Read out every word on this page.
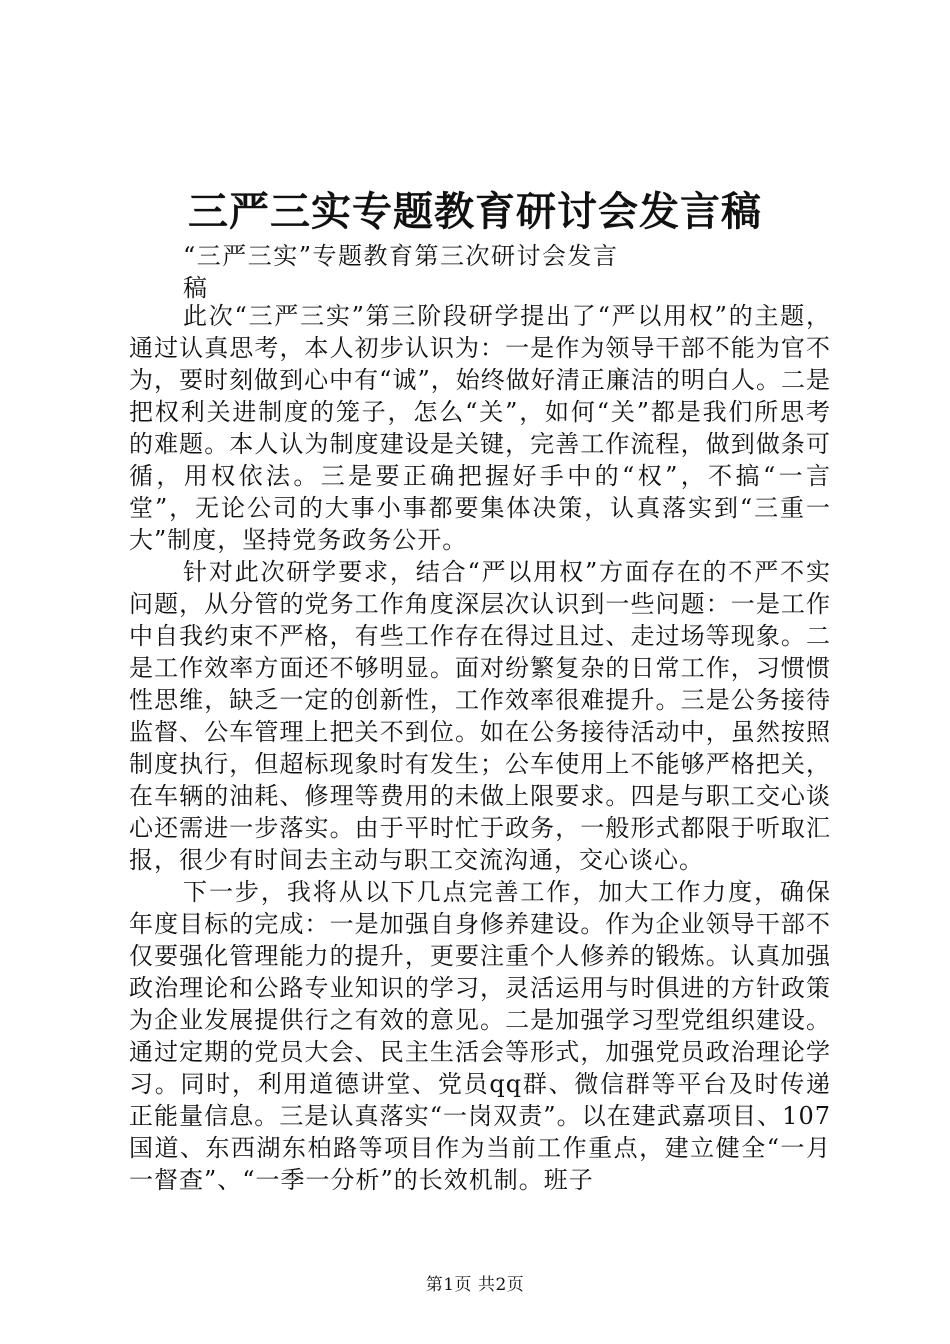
三严三实专题教育研讨会发言稿
“三严三实”专题教育第三次研讨会发言稿

此次“三严三实”第三阶段研学提出了“严以用权”的主题，通过认真思考，本人初步认识为：一是作为领导干部不能为官不为，要时刻做到心中有“诚”，始终做好清正廉洁的明白人。二是把权利关进制度的笼子，怎么“关”，如何“关”都是我们所思考的难题。本人认为制度建设是关键，完善工作流程，做到做条可循，用权依法。三是要正确把握好手中的“权”，不搞“一言堂”，无论公司的大事小事都要集体决策，认真落实到“三重一大”制度，坚持党务政务公开。

针对此次研学要求，结合“严以用权”方面存在的不严不实问题，从分管的党务工作角度深层次认识到一些问题：一是工作中自我约束不严格，有些工作存在得过且过、走过场等现象。二是工作效率方面还不够明显。面对纷繁复杂的日常工作，习惯惯性思维，缺乏一定的创新性，工作效率很难提升。三是公务接待监督、公车管理上把关不到位。如在公务接待活动中，虽然按照制度执行，但超标现象时有发生；公车使用上不能够严格把关，在车辆的油耗、修理等费用的未做上限要求。四是与职工交心谈心还需进一步落实。由于平时忙于政务，一般形式都限于听取汇报，很少有时间去主动与职工交流沟通，交心谈心。

下一步，我将从以下几点完善工作，加大工作力度，确保年度目标的完成：一是加强自身修养建设。作为企业领导干部不仅要强化管理能力的提升，更要注重个人修养的锻炼。认真加强政治理论和公路专业知识的学习，灵活运用与时俱进的方针政策为企业发展提供行之有效的意见。二是加强学习型党组织建设。通过定期的党员大会、民主生活会等形式，加强党员政治理论学习。同时，利用道德讲堂、党员qq群、微信群等平台及时传递正能量信息。三是认真落实“一岗双责”。以在建武嘉项目、107国道、东西湖东柏路等项目作为当前工作重点，建立健全“一月一督查”、“一季一分析”的长效机制。班子

第1页 共2页
